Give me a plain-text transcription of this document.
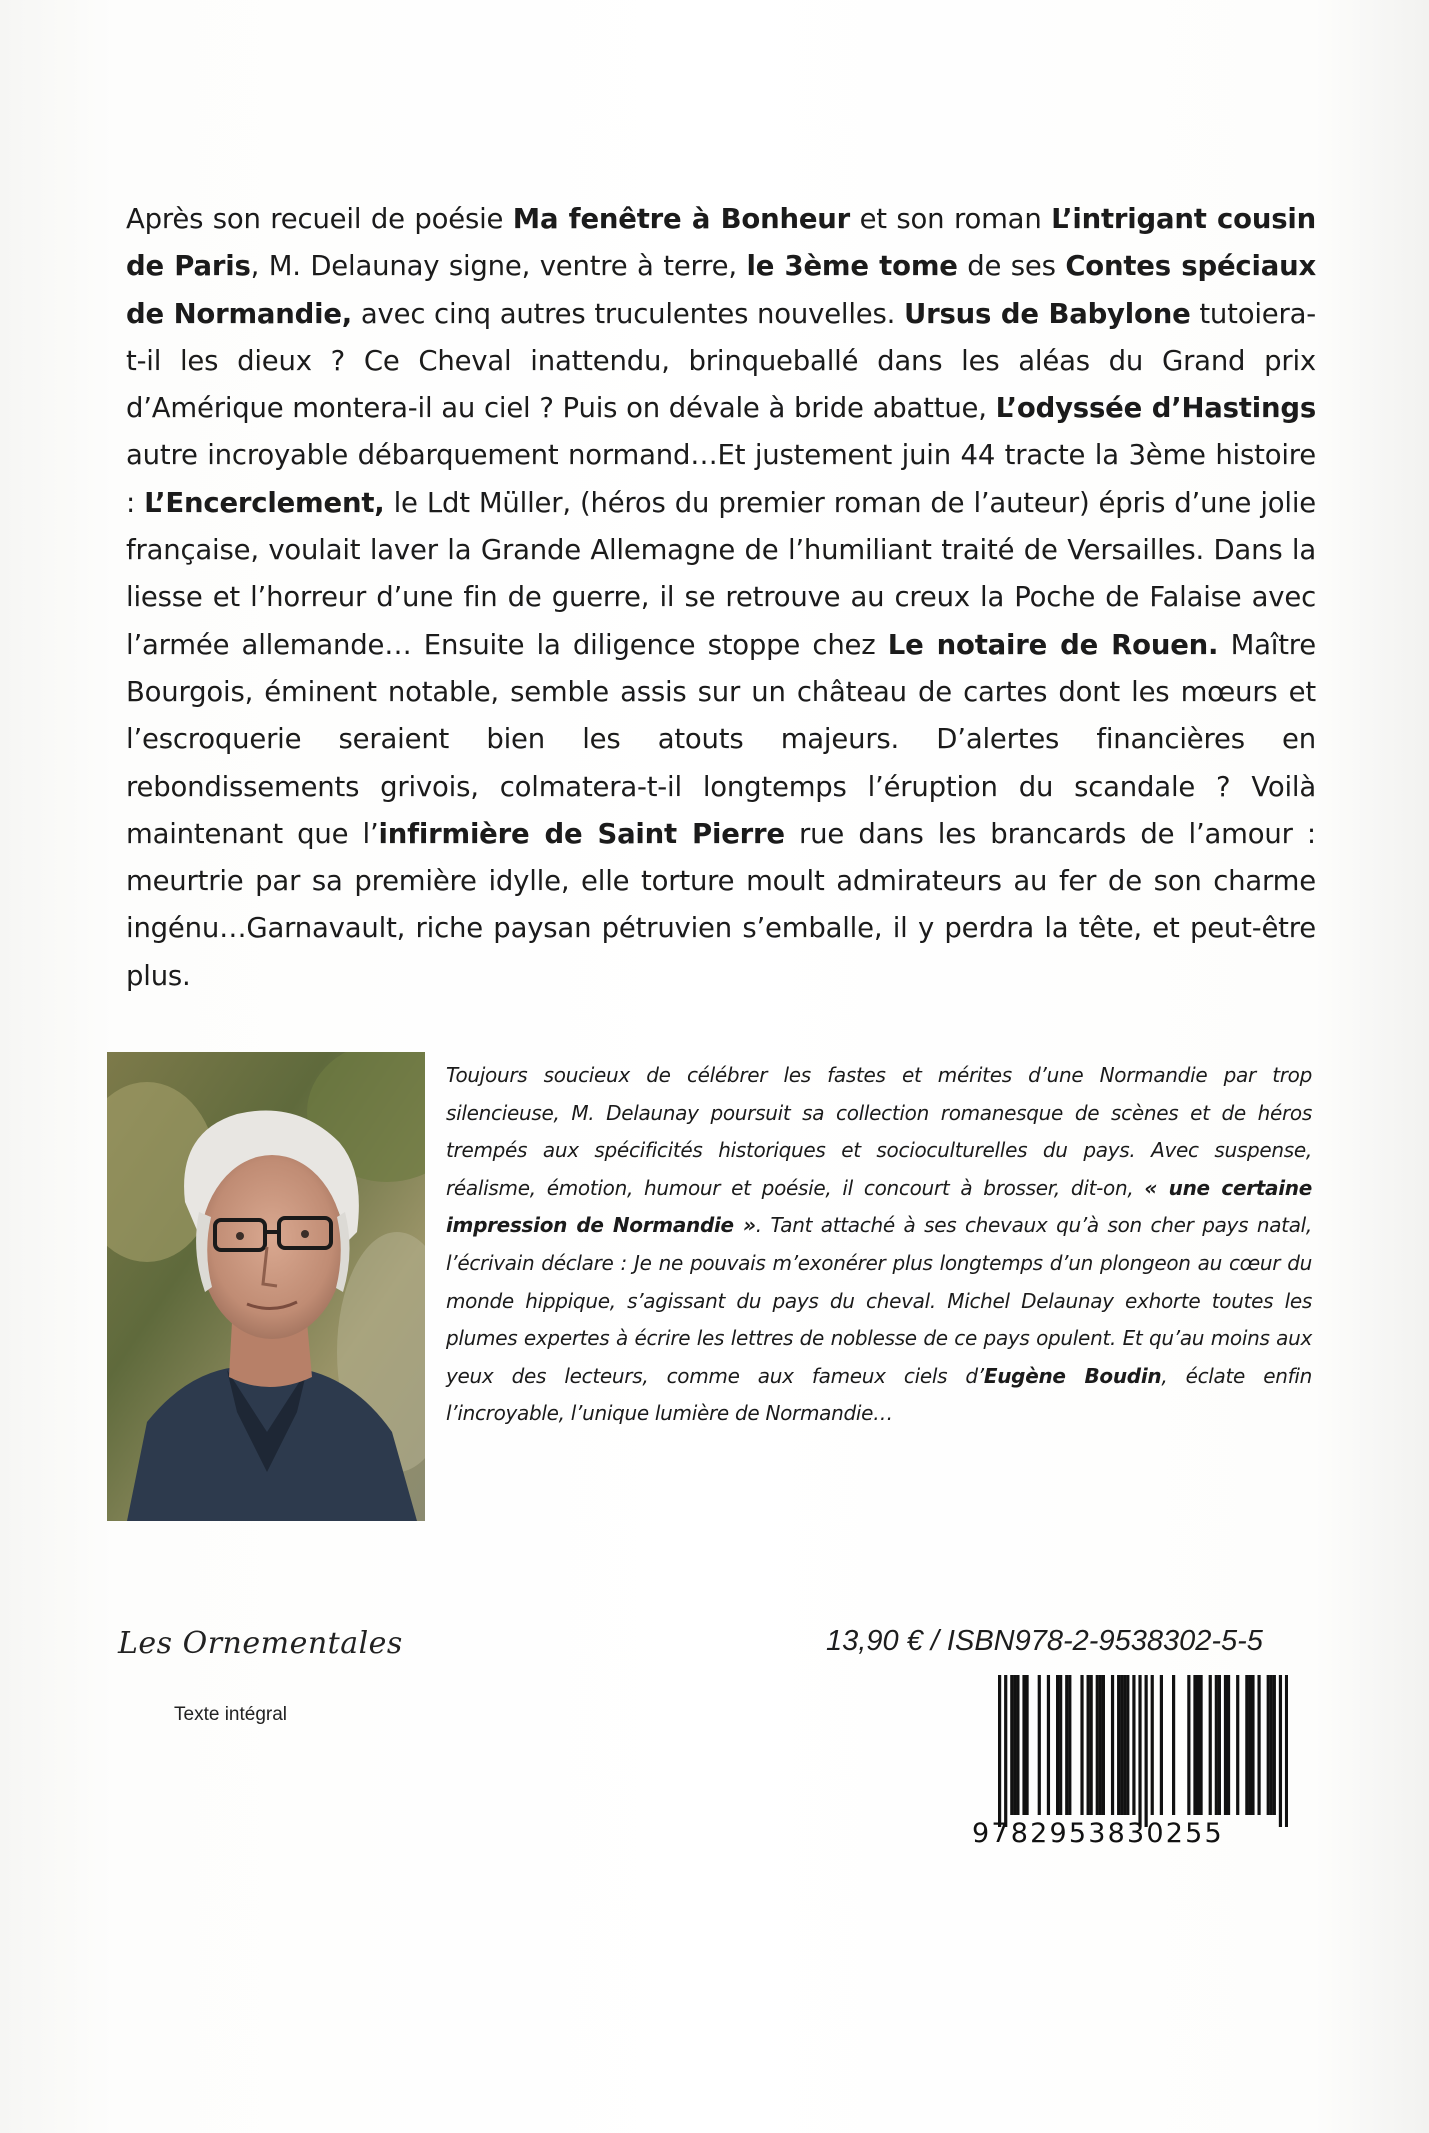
Après son recueil de poésie Ma fenêtre à Bonheur et son roman L’intrigant cousin de Paris, M. Delaunay signe, ventre à terre, le 3ème tome de ses Contes spéciaux de Normandie, avec cinq autres truculentes nouvelles. Ursus de Babylone tutoiera-t-il les dieux ? Ce Cheval inattendu, brinqueballé dans les aléas du Grand prix d’Amérique montera-il au ciel ? Puis on dévale à bride abattue, L’odyssée d’Hastings autre incroyable débarquement normand…Et justement juin 44 tracte la 3ème histoire : L’Encerclement, le Ldt Müller, (héros du premier roman de l’auteur) épris d’une jolie française, voulait laver la Grande Allemagne de l’humiliant traité de Versailles. Dans la liesse et l’horreur d’une fin de guerre, il se retrouve au creux la Poche de Falaise avec l’armée allemande… Ensuite la diligence stoppe chez Le notaire de Rouen. Maître Bourgois, éminent notable, semble assis sur un château de cartes dont les mœurs et l’escroquerie seraient bien les atouts majeurs. D’alertes financières en rebondissements grivois, colmatera-t-il longtemps l’éruption du scandale ? Voilà maintenant que l’infirmière de Saint Pierre rue dans les brancards de l’amour : meurtrie par sa première idylle, elle torture moult admirateurs au fer de son charme ingénu…Garnavault, riche paysan pétruvien s’emballe, il y perdra la tête, et peut-être plus.

Toujours soucieux de célébrer les fastes et mérites d’une Normandie par trop silencieuse, M. Delaunay poursuit sa collection romanesque de scènes et de héros trempés aux spécificités historiques et socioculturelles du pays. Avec suspense, réalisme, émotion, humour et poésie, il concourt à brosser, dit-on, « une certaine impression de Normandie ». Tant attaché à ses chevaux qu’à son cher pays natal, l’écrivain déclare : Je ne pouvais m’exonérer plus longtemps d’un plongeon au cœur du monde hippique, s’agissant du pays du cheval. Michel Delaunay exhorte toutes les plumes expertes à écrire les lettres de noblesse de ce pays opulent. Et qu’au moins aux yeux des lecteurs, comme aux fameux ciels d’Eugène Boudin, éclate enfin l’incroyable, l’unique lumière de Normandie…

Les Ornementales
Texte intégral
13,90 € / ISBN978-2-9538302-5-5
9782953830255
